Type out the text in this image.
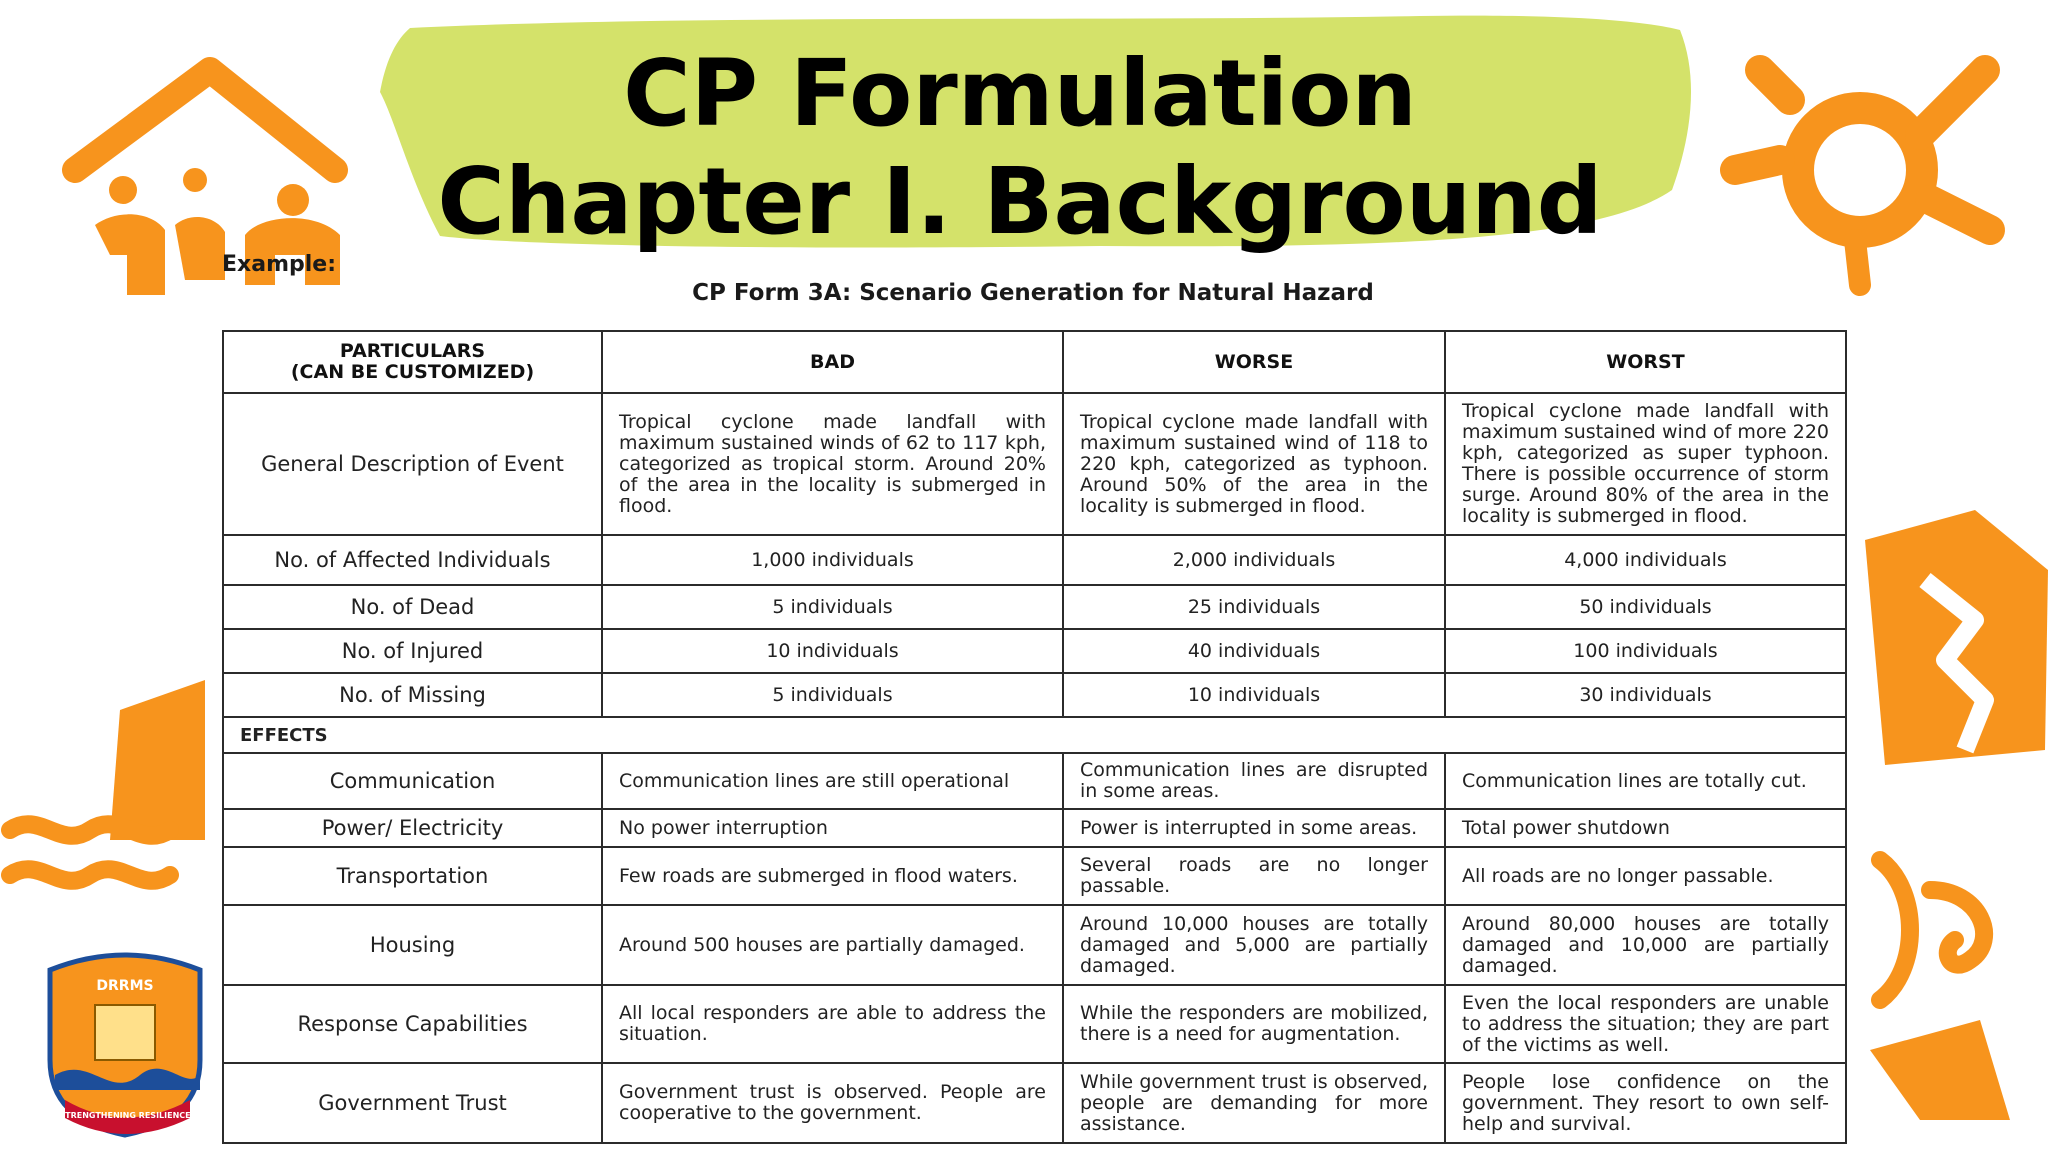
DRRMS
STRENGTHENING RESILIENCE
CP Formulation
Chapter I. Background
Example:
CP Form 3A: Scenario Generation for Natural Hazard
PARTICULARS
(CAN BE CUSTOMIZED)	BAD	WORSE	WORST
General Description of Event	Tropical cyclone made landfall with maximum sustained winds of 62 to 117 kph, categorized as tropical storm. Around 20% of the area in the locality is submerged in flood.	Tropical cyclone made landfall with maximum sustained wind of 118 to 220 kph, categorized as typhoon. Around 50% of the area in the locality is submerged in flood.	Tropical cyclone made landfall with maximum sustained wind of more 220 kph, categorized as super typhoon. There is possible occurrence of storm surge. Around 80% of the area in the locality is submerged in flood.
No. of Affected Individuals	1,000 individuals	2,000 individuals	4,000 individuals
No. of Dead	5 individuals	25 individuals	50 individuals
No. of Injured	10 individuals	40 individuals	100 individuals
No. of Missing	5 individuals	10 individuals	30 individuals
EFFECTS			
Communication	Communication lines are still operational	Communication lines are disrupted in some areas.	Communication lines are totally cut.
Power/ Electricity	No power interruption	Power is interrupted in some areas.	Total power shutdown
Transportation	Few roads are submerged in flood waters.	Several roads are no longer passable.	All roads are no longer passable.
Housing	Around 500 houses are partially damaged.	Around 10,000 houses are totally damaged and 5,000 are partially damaged.	Around 80,000 houses are totally damaged and 10,000 are partially damaged.
Response Capabilities	All local responders are able to address the situation.	While the responders are mobilized, there is a need for augmentation.	Even the local responders are unable to address the situation; they are part of the victims as well.
Government Trust	Government trust is observed. People are cooperative to the government.	While government trust is observed, people are demanding for more assistance.	People lose confidence on the government. They resort to own self-help and survival.
